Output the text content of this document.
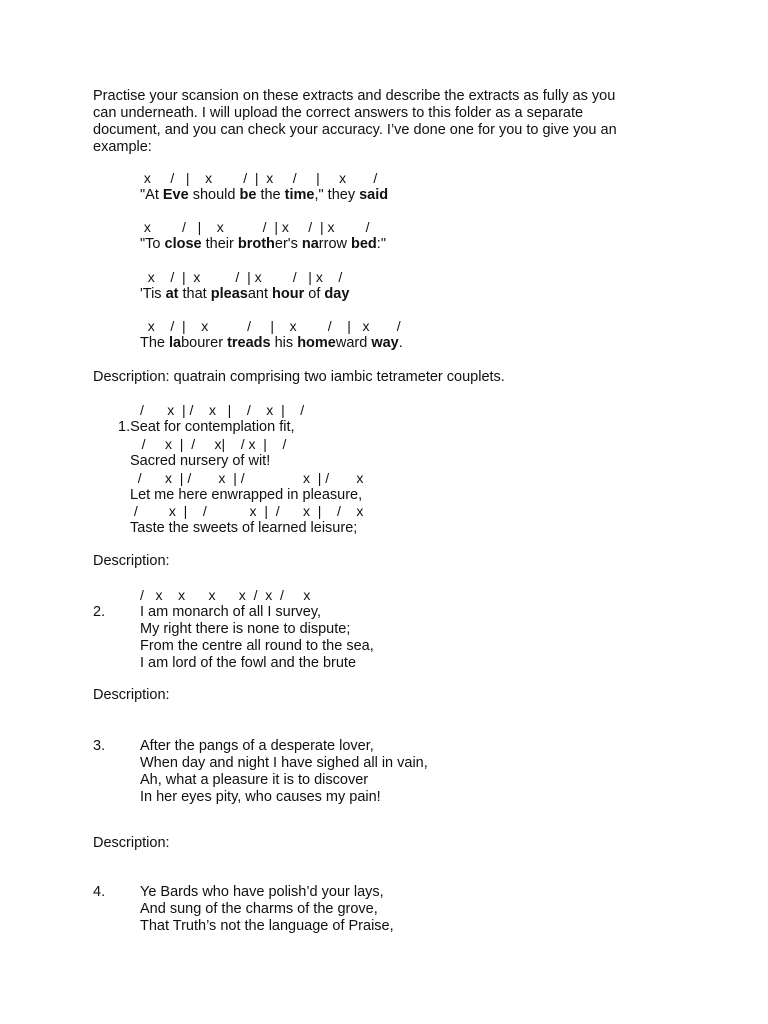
Practise your scansion on these extracts and describe the extracts as fully as you
can underneath. I will upload the correct answers to this folder as a separate
document, and you can check your accuracy. I’ve done one for you to give you an
example:
x     /   |    x        /  |  x     /     |     x       /
"At Eve should be the time," they said
x        /   |    x          /  | x     /  | x        /
"To close their brother's narrow bed:"
x    /  |  x         /  | x        /   | x    /
'Tis at that pleasant hour of day
x    /  |    x          /     |    x        /    |   x       /
The labourer treads his homeward way.
Description: quatrain comprising two iambic tetrameter couplets.
/      x  | /    x   |    /    x  |    /
1.Seat for contemplation fit,
/     x  |  /     x|    / x  |    /
Sacred nursery of wit!
/      x  | /       x  | /               x  | /       x
Let me here enwrapped in pleasure,
/        x  |    /           x  |  /      x  |    /    x
Taste the sweets of learned leisure;
Description:
/   x    x      x      x  /  x  /     x
2. I am monarch of all I survey,
My right there is none to dispute;
From the centre all round to the sea,
I am lord of the fowl and the brute
Description:
3. After the pangs of a desperate lover,
When day and night I have sighed all in vain,
Ah, what a pleasure it is to discover
In her eyes pity, who causes my pain!
Description:
4. Ye Bards who have polish’d your lays,
And sung of the charms of the grove,
That Truth’s not the language of Praise,
